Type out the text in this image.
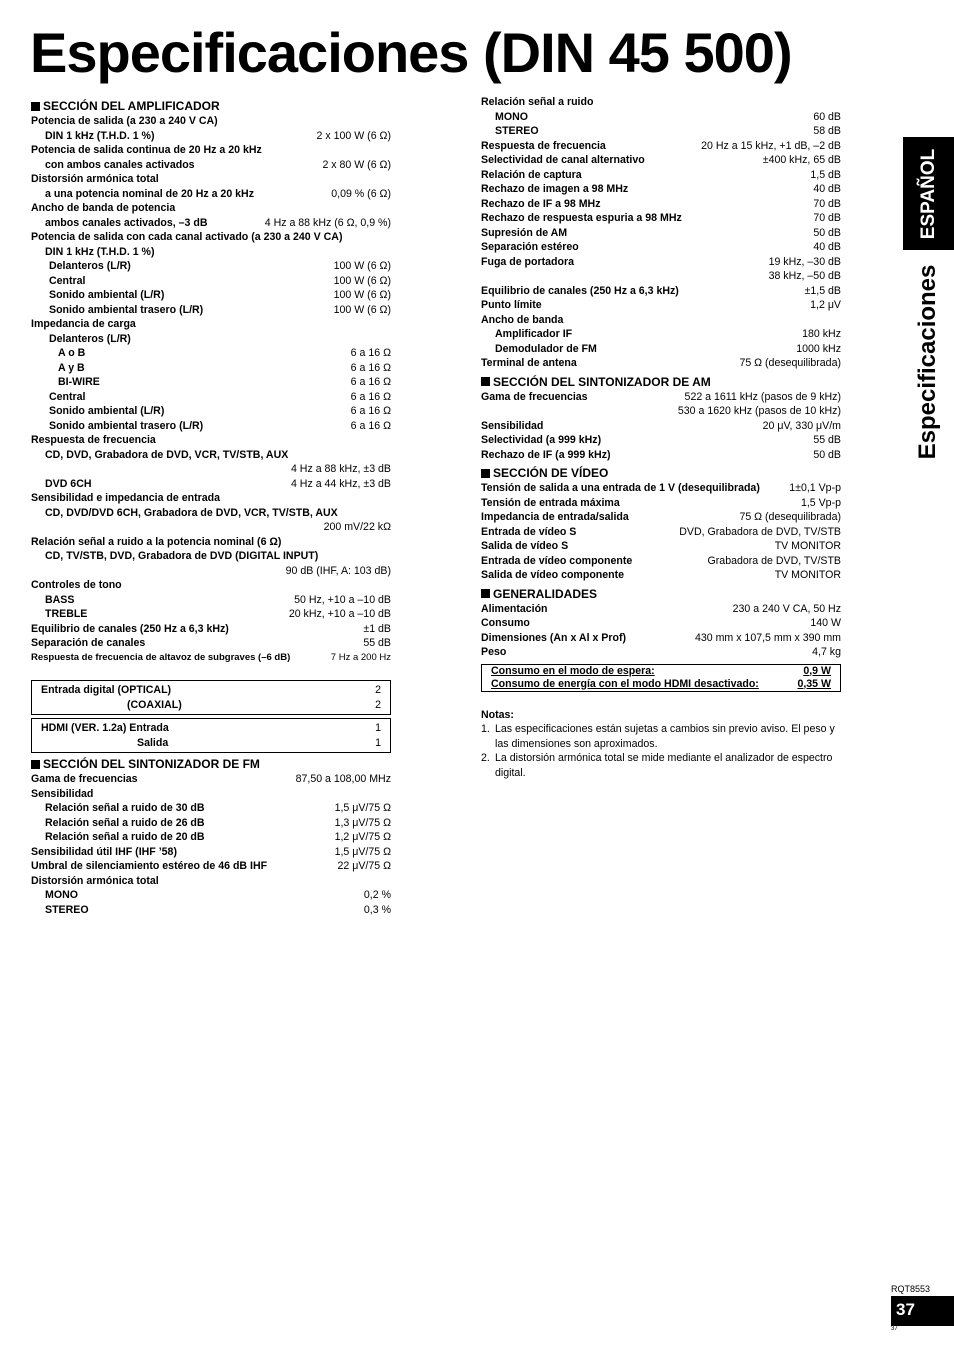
Especificaciones (DIN 45 500)
SECCIÓN DEL AMPLIFICADOR
Potencia de salida (a 230 a 240 V CA)
DIN 1 kHz (T.H.D. 1 %)	2 x 100 W (6 Ω)
Potencia de salida continua de 20 Hz a 20 kHz
con ambos canales activados	2 x 80 W (6 Ω)
Distorsión armónica total
a una potencia nominal de 20 Hz a 20 kHz	0,09 % (6 Ω)
Ancho de banda de potencia
ambos canales activados, –3 dB	4 Hz a 88 kHz (6 Ω, 0,9 %)
Potencia de salida con cada canal activado (a 230 a 240 V CA)
DIN 1 kHz (T.H.D. 1 %)
Delanteros (L/R)	100 W (6 Ω)
Central	100 W (6 Ω)
Sonido ambiental (L/R)	100 W (6 Ω)
Sonido ambiental trasero (L/R)	100 W (6 Ω)
Impedancia de carga
Delanteros (L/R)
A o B	6 a 16 Ω
A y B	6 a 16 Ω
BI-WIRE	6 a 16 Ω
Central	6 a 16 Ω
Sonido ambiental (L/R)	6 a 16 Ω
Sonido ambiental trasero (L/R)	6 a 16 Ω
Respuesta de frecuencia
CD, DVD, Grabadora de DVD, VCR, TV/STB, AUX
4 Hz a 88 kHz, ±3 dB
DVD 6CH	4 Hz a 44 kHz, ±3 dB
Sensibilidad e impedancia de entrada
CD, DVD/DVD 6CH, Grabadora de DVD, VCR, TV/STB, AUX
200 mV/22 kΩ
Relación señal a ruido a la potencia nominal (6 Ω)
CD, TV/STB, DVD, Grabadora de DVD (DIGITAL INPUT)
90 dB (IHF, A: 103 dB)
Controles de tono
BASS	50 Hz, +10 a –10 dB
TREBLE	20 kHz, +10 a –10 dB
Equilibrio de canales (250 Hz a 6,3 kHz)	±1 dB
Separación de canales	55 dB
Respuesta de frecuencia de altavoz de subgraves (–6 dB)	7 Hz a 200 Hz
Entrada digital (OPTICAL)	2
(COAXIAL)	2
HDMI (VER. 1.2a) Entrada	1
Salida	1
SECCIÓN DEL SINTONIZADOR DE FM
Gama de frecuencias	87,50 a 108,00 MHz
Sensibilidad
Relación señal a ruido de 30 dB	1,5 μV/75 Ω
Relación señal a ruido de 26 dB	1,3 μV/75 Ω
Relación señal a ruido de 20 dB	1,2 μV/75 Ω
Sensibilidad útil IHF (IHF ’58)	1,5 μV/75 Ω
Umbral de silenciamiento estéreo de 46 dB IHF	22 μV/75 Ω
Distorsión armónica total
MONO	0,2 %
STEREO	0,3 %
Relación señal a ruido
MONO	60 dB
STEREO	58 dB
Respuesta de frecuencia	20 Hz a 15 kHz, +1 dB, –2 dB
Selectividad de canal alternativo	±400 kHz, 65 dB
Relación de captura	1,5 dB
Rechazo de imagen a 98 MHz	40 dB
Rechazo de IF a 98 MHz	70 dB
Rechazo de respuesta espuria a 98 MHz	70 dB
Supresión de AM	50 dB
Separación estéreo	40 dB
Fuga de portadora	19 kHz, –30 dB
38 kHz, –50 dB
Equilibrio de canales (250 Hz a 6,3 kHz)	±1,5 dB
Punto límite	1,2 μV
Ancho de banda
Amplificador IF	180 kHz
Demodulador de FM	1000 kHz
Terminal de antena	75 Ω (desequilibrada)
SECCIÓN DEL SINTONIZADOR DE AM
Gama de frecuencias	522 a 1611 kHz (pasos de 9 kHz)
530 a 1620 kHz (pasos de 10 kHz)
Sensibilidad	20 μV, 330 μV/m
Selectividad (a 999 kHz)	55 dB
Rechazo de IF (a 999 kHz)	50 dB
SECCIÓN DE VÍDEO
Tensión de salida a una entrada de 1 V (desequilibrada)	1±0,1 Vp-p
Tensión de entrada máxima	1,5 Vp-p
Impedancia de entrada/salida	75 Ω (desequilibrada)
Entrada de vídeo S	DVD, Grabadora de DVD, TV/STB
Salida de vídeo S	TV MONITOR
Entrada de vídeo componente	Grabadora de DVD, TV/STB
Salida de vídeo componente	TV MONITOR
GENERALIDADES
Alimentación	230 a 240 V CA, 50 Hz
Consumo	140 W
Dimensiones (An x Al x Prof)	430 mm x 107,5 mm x 390 mm
Peso	4,7 kg
Consumo en el modo de espera:	0,9 W
Consumo de energía con el modo HDMI desactivado:	0,35 W
Notas:
1. Las especificaciones están sujetas a cambios sin previo aviso. El peso y las dimensiones son aproximados.
2. La distorsión armónica total se mide mediante el analizador de espectro digital.
ESPAÑOL
Especificaciones
RQT8553
37
37
